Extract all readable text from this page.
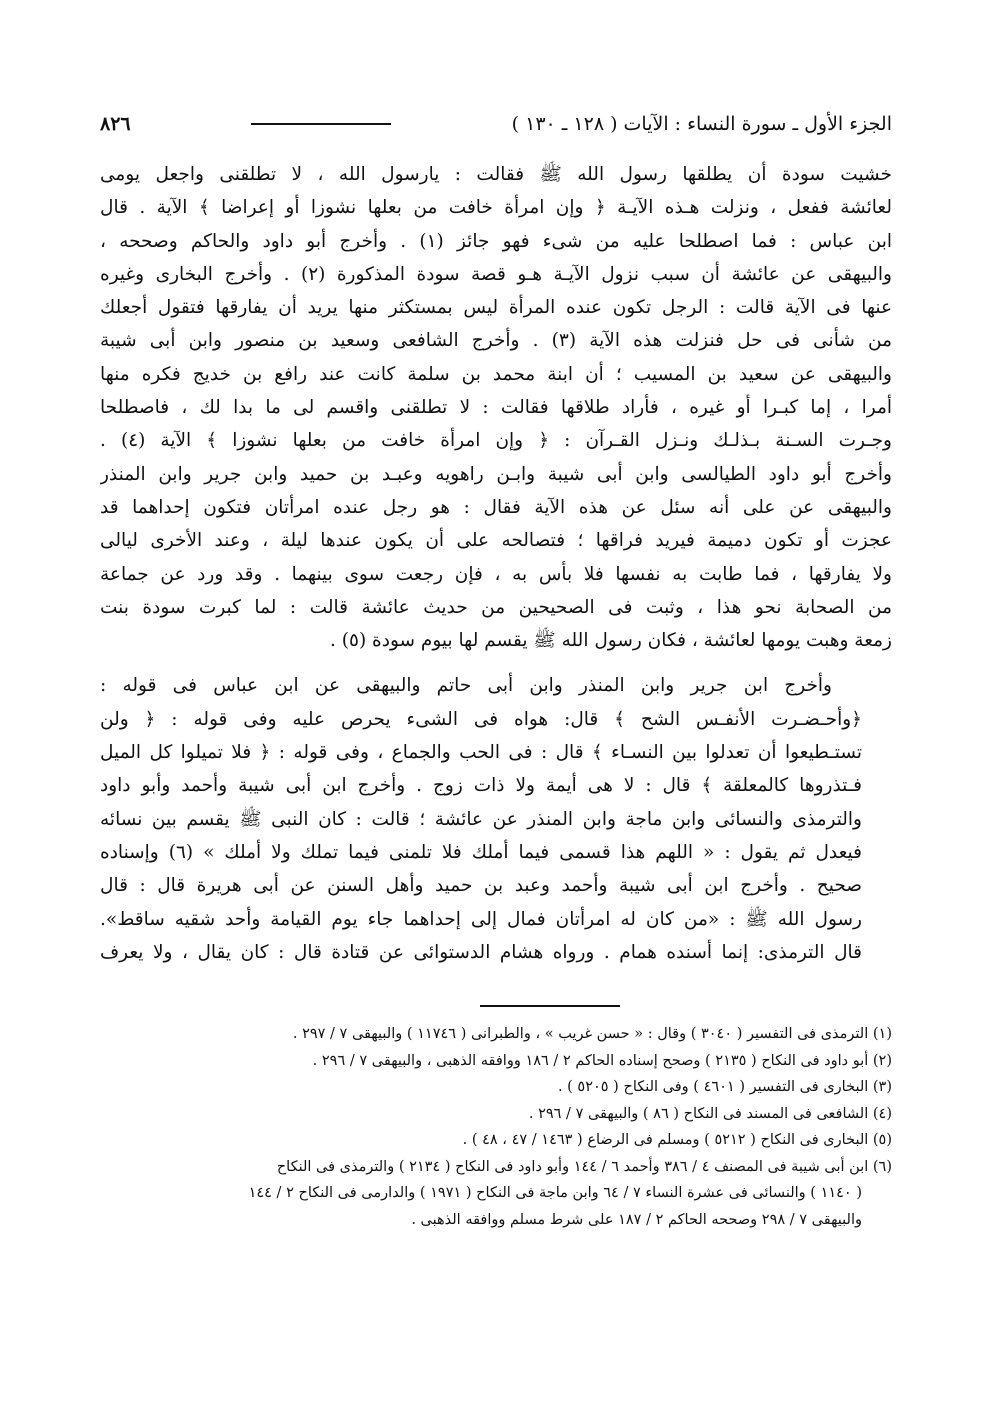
الجزء الأول ـ سورة النساء : الآيات ( ١٢٨ ـ ١٣٠ )
٨٢٦
خشيت سودة أن يطلقها رسول الله ﷺ فقالت : يارسول الله ، لا تطلقنى واجعل يومى
لعائشة ففعل ، ونزلت هـذه الآيـة ﴿ وإن امرأة خافت من بعلها نشوزا أو إعراضا ﴾ الآية . قال
ابن عباس : فما اصطلحا عليه من شىء فهو جائز (١) . وأخرج أبو داود والحاكم وصححه ،
والبيهقى عن عائشة أن سبب نزول الآيـة هـو قصة سودة المذكورة (٢) . وأخرج البخارى وغيره
عنها فى الآية قالت : الرجل تكون عنده المرأة ليس بمستكثر منها يريد أن يفارقها فتقول أجعلك
من شأنى فى حل فنزلت هذه الآية (٣) . وأخرج الشافعى وسعيد بن منصور وابن أبى شيبة
والبيهقى عن سعيد بن المسيب ؛ أن ابنة محمد بن سلمة كانت عند رافع بن خديج فكره منها
أمرا ، إما كبـرا أو غيره ، فأراد طلاقها فقالت : لا تطلقنى واقسم لى ما بدا لك ، فاصطلحا
وجـرت السـنة بـذلـك ونـزل القـرآن : ﴿ وإن امرأة خافت من بعلها نشوزا ﴾ الآية (٤) .
وأخرج أبو داود الطيالسى وابن أبى شيبة وابـن راهويه وعبـد بن حميد وابن جرير وابن المنذر
والبيهقى عن على أنه سئل عن هذه الآية فقال : هو رجل عنده امرأتان فتكون إحداهما قد
عجزت أو تكون دميمة فيريد فراقها ؛ فتصالحه على أن يكون عندها ليلة ، وعند الأخرى ليالى
ولا يفارقها ، فما طابت به نفسها فلا بأس به ، فإن رجعت سوى بينهما . وقد ورد عن جماعة
من الصحابة نحو هذا ، وثبت فى الصحيحين من حديث عائشة قالت : لما كبرت سودة بنت
زمعة وهبت يومها لعائشة ، فكان رسول الله ﷺ يقسم لها بيوم سودة (٥) .
وأخرج ابن جرير وابن المنذر وابن أبى حاتم والبيهقى عن ابن عباس فى قوله :
﴿وأحـضـرت الأنفـس الشح ﴾ قال: هواه فى الشىء يحرص عليه وفى قوله : ﴿ ولن
تستـطيعوا أن تعدلوا بين النسـاء ﴾ قال : فى الحب والجماع ، وفى قوله : ﴿ فلا تميلوا كل الميل
فـتذروها كالمعلقة ﴾ قال : لا هى أيمة ولا ذات زوج . وأخرج ابن أبى شيبة وأحمد وأبو داود
والترمذى والنسائى وابن ماجة وابن المنذر عن عائشة ؛ قالت : كان النبى ﷺ يقسم بين نسائه
فيعدل ثم يقول : « اللهم هذا قسمى فيما أملك فلا تلمنى فيما تملك ولا أملك » (٦) وإسناده
صحيح . وأخرج ابن أبى شيبة وأحمد وعبد بن حميد وأهل السنن عن أبى هريرة قال : قال
رسول الله ﷺ : «من كان له امرأتان فمال إلى إحداهما جاء يوم القيامة وأحد شقيه ساقط».
قال الترمذى: إنما أسنده همام . ورواه هشام الدستوائى عن قتادة قال : كان يقال ، ولا يعرف
(١) الترمذى فى التفسير ( ٣٠٤٠ ) وقال : « حسن غريب » ، والطبرانى ( ١١٧٤٦ ) والبيهقى ٧ / ٢٩٧ .
(٢) أبو داود فى النكاح ( ٢١٣٥ ) وصحح إسناده الحاكم ٢ / ١٨٦ ووافقه الذهبى ، والبيهقى ٧ / ٢٩٦ .
(٣) البخارى فى التفسير ( ٤٦٠١ ) وفى النكاح ( ٥٢٠٥ ) .
(٤) الشافعى فى المسند فى النكاح ( ٨٦ ) والبيهقى ٧ / ٢٩٦ .
(٥) البخارى فى النكاح ( ٥٢١٢ ) ومسلم فى الرضاع ( ١٤٦٣ / ٤٧ ، ٤٨ ) .
(٦) ابن أبى شيبة فى المصنف ٤ / ٣٨٦ وأحمد ٦ / ١٤٤ وأبو داود فى النكاح ( ٢١٣٤ ) والترمذى فى النكاح
( ١١٤٠ ) والنسائى فى عشرة النساء ٧ / ٦٤ وابن ماجة فى النكاح ( ١٩٧١ ) والدارمى فى النكاح ٢ / ١٤٤
والبيهقى ٧ / ٢٩٨ وصححه الحاكم ٢ / ١٨٧ على شرط مسلم ووافقه الذهبى .
